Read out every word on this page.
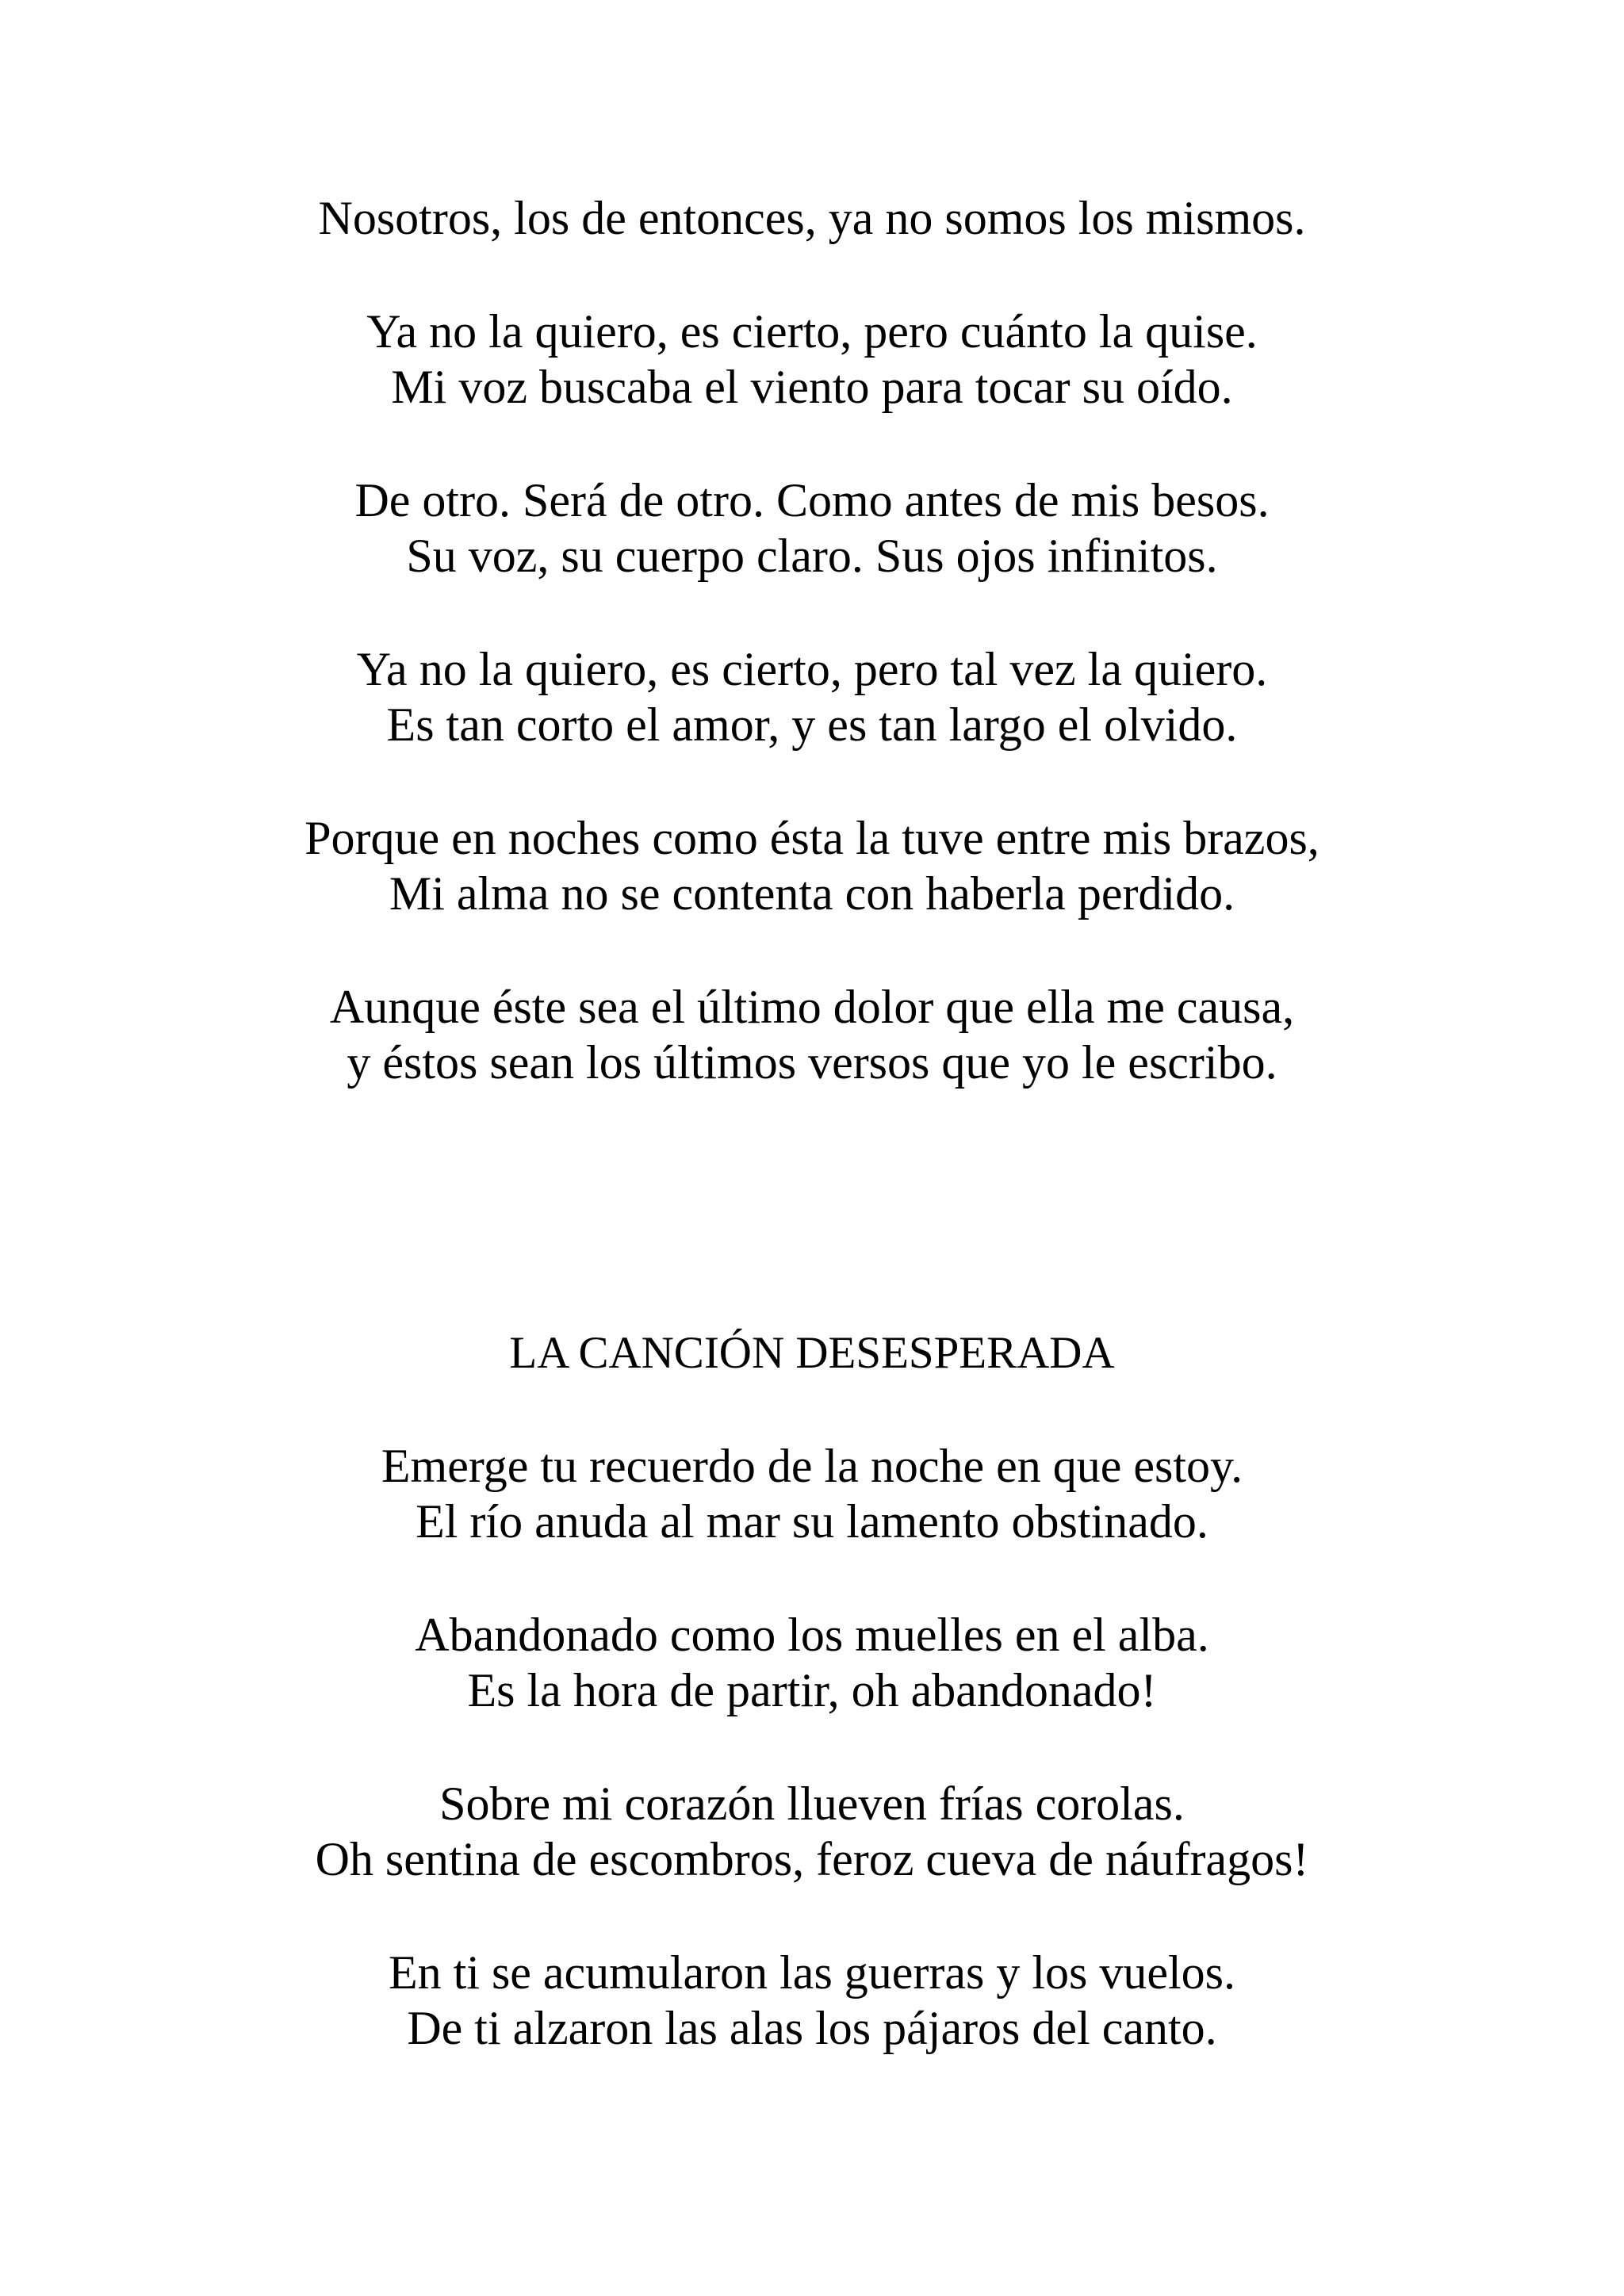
Nosotros, los de entonces, ya no somos los mismos.
Ya no la quiero, es cierto, pero cuánto la quise.
Mi voz buscaba el viento para tocar su oído.
De otro. Será de otro. Como antes de mis besos.
Su voz, su cuerpo claro. Sus ojos infinitos.
Ya no la quiero, es cierto, pero tal vez la quiero.
Es tan corto el amor, y es tan largo el olvido.
Porque en noches como ésta la tuve entre mis brazos,
Mi alma no se contenta con haberla perdido.
Aunque éste sea el último dolor que ella me causa,
y éstos sean los últimos versos que yo le escribo.
LA CANCIÓN DESESPERADA
Emerge tu recuerdo de la noche en que estoy.
El río anuda al mar su lamento obstinado.
Abandonado como los muelles en el alba.
Es la hora de partir, oh abandonado!
Sobre mi corazón llueven frías corolas.
Oh sentina de escombros, feroz cueva de náufragos!
En ti se acumularon las guerras y los vuelos.
De ti alzaron las alas los pájaros del canto.
